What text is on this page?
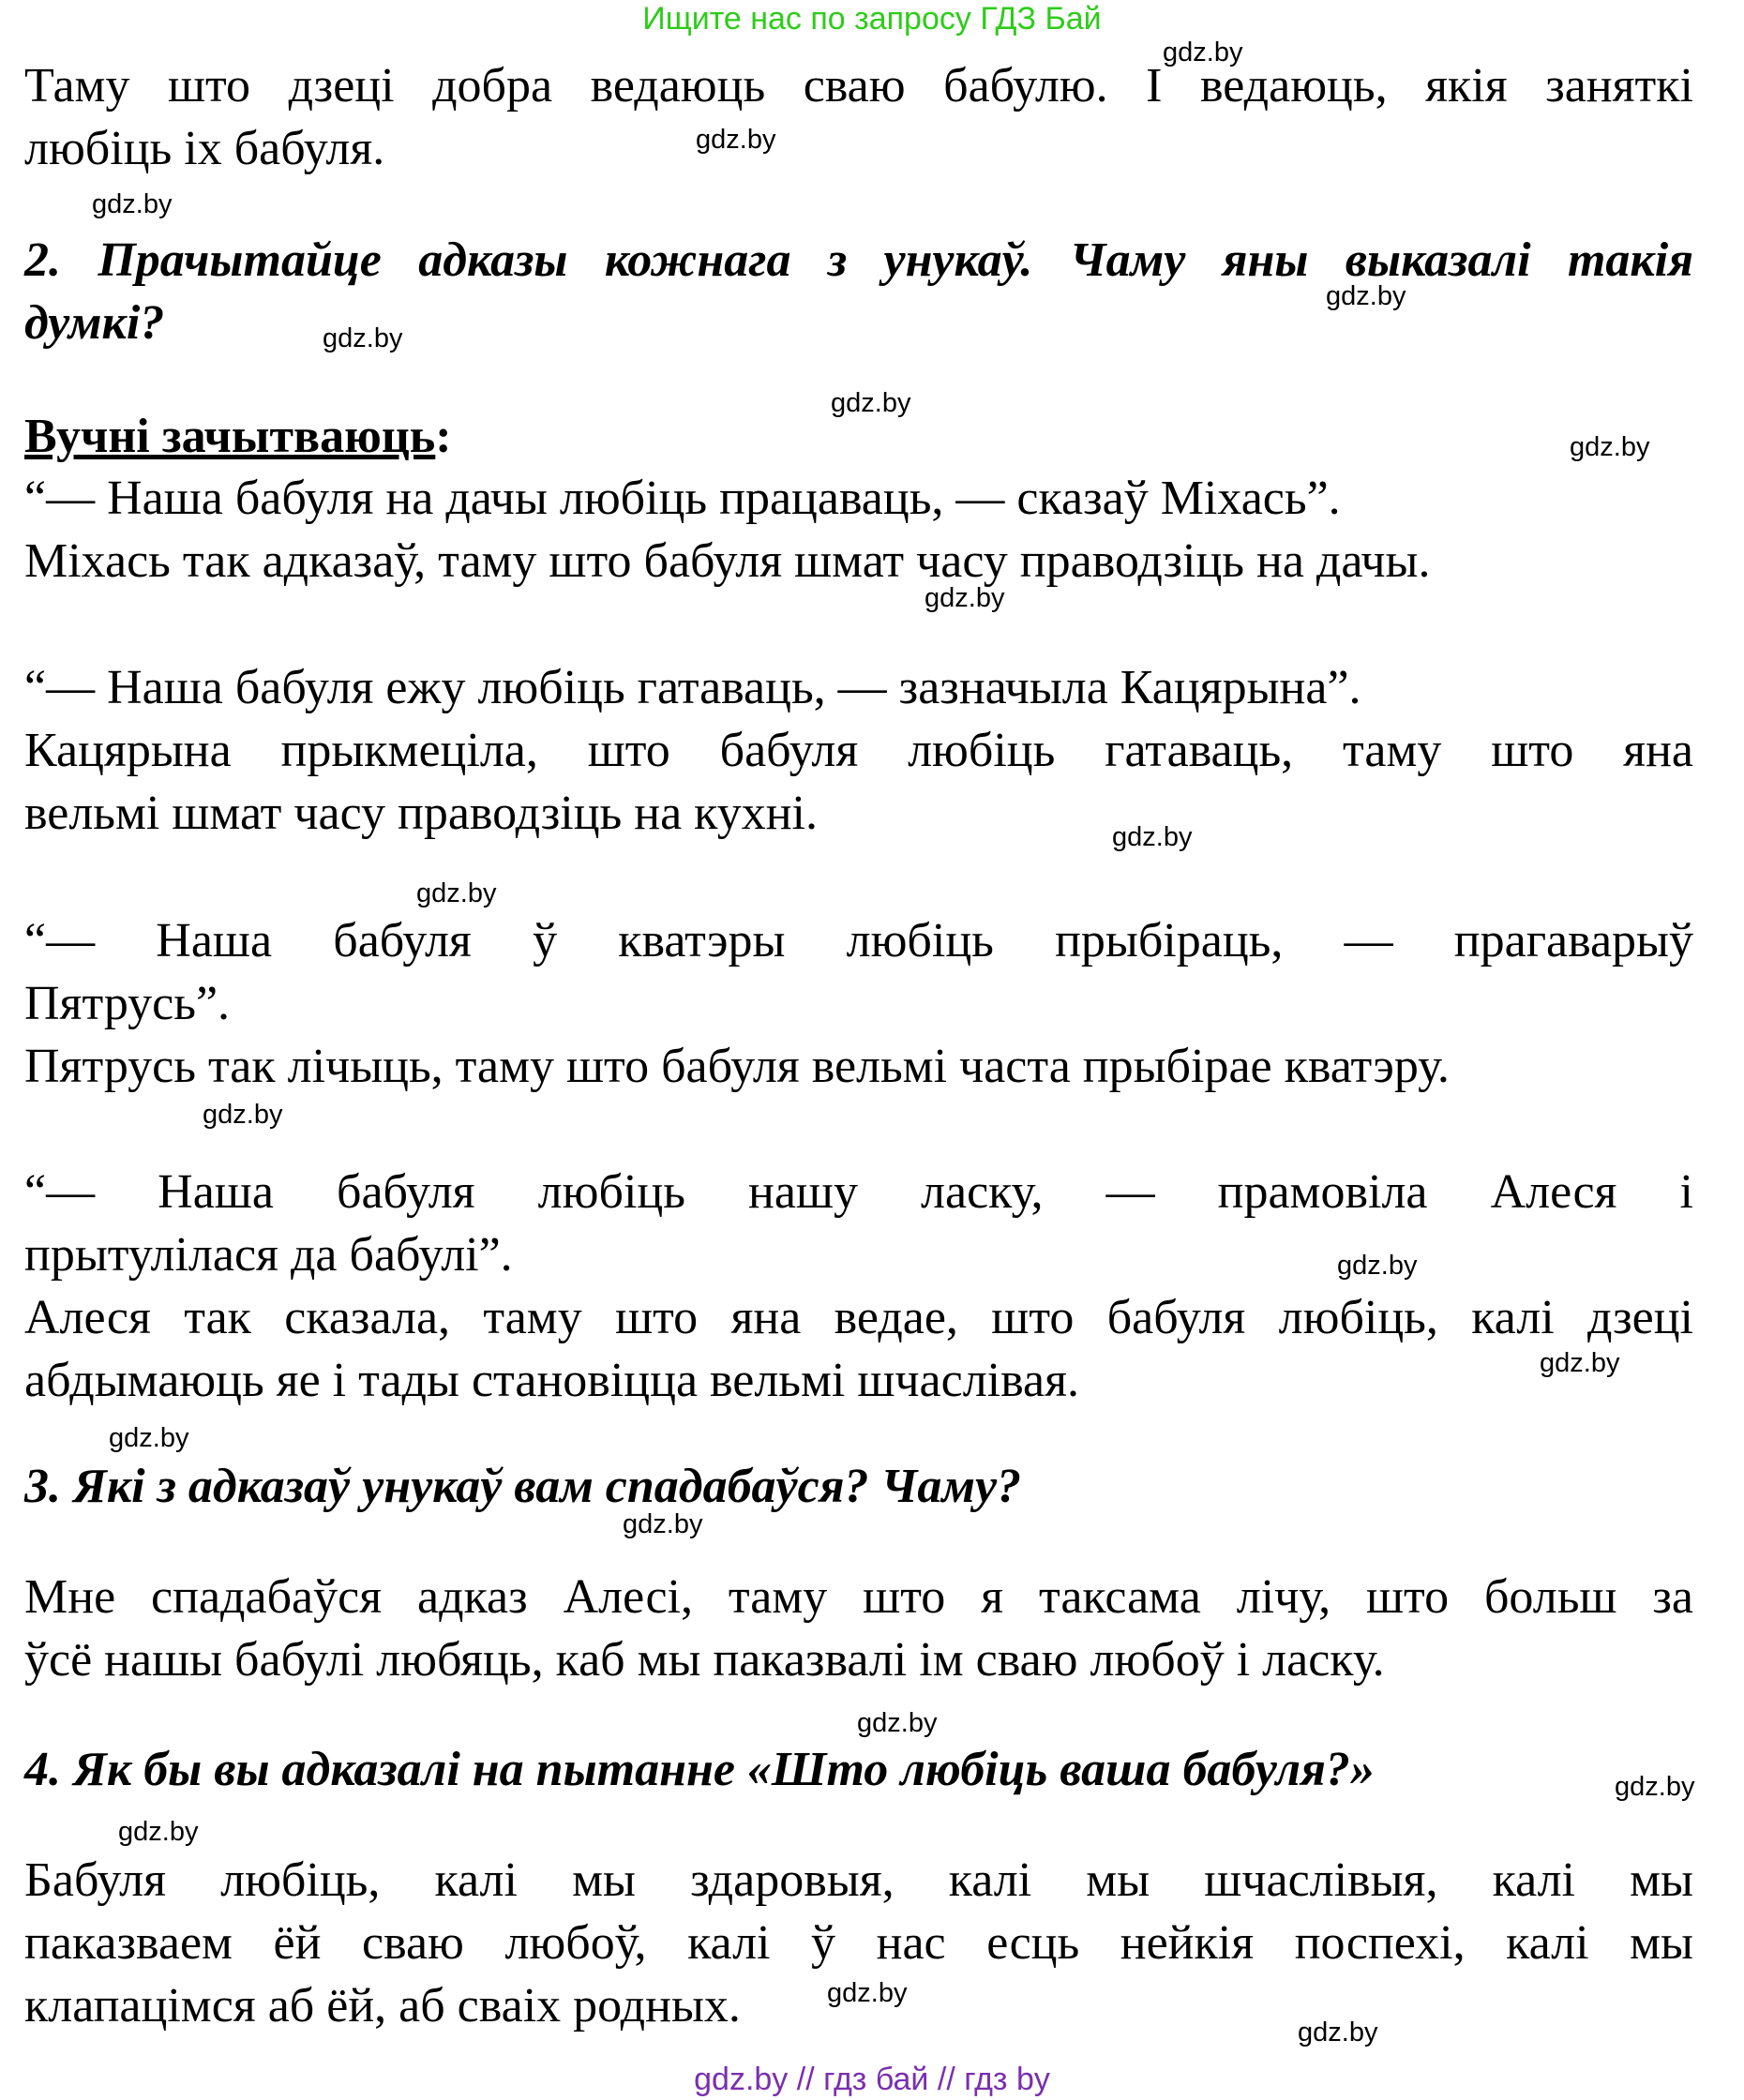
Ищите нас по запросу ГДЗ Бай
Таму што дзеці добра ведаюць сваю бабулю. І ведаюць, якія заняткі
любіць іх бабуля.
2. Прачытайце адказы кожнага з унукаў. Чаму яны выказалі такія
думкі?
Вучні зачытваюць:
“— Наша бабуля на дачы любіць працаваць, — сказаў Міхась”.
Міхась так адказаў, таму што бабуля шмат часу праводзіць на дачы.
“— Наша бабуля ежу любіць гатаваць, — зазначыла Кацярына”.
Кацярына прыкмеціла, што бабуля любіць гатаваць, таму што яна
вельмі шмат часу праводзіць на кухні.
“— Наша бабуля ў кватэры любіць прыбіраць, — прагаварыў
Пятрусь”.
Пятрусь так лічыць, таму што бабуля вельмі часта прыбірае кватэру.
“— Наша бабуля любіць нашу ласку, — прамовіла Алеся і
прытулілася да бабулі”.
Алеся так сказала, таму што яна ведае, што бабуля любіць, калі дзеці
абдымаюць яе і тады становіцца вельмі шчаслівая.
3. Які з адказаў унукаў вам спадабаўся? Чаму?
Мне спадабаўся адказ Алесі, таму што я таксама лічу, што больш за
ўсё нашы бабулі любяць, каб мы паказвалі ім сваю любоў і ласку.
4. Як бы вы адказалі на пытанне «Што любіць ваша бабуля?»
Бабуля любіць, калі мы здаровыя, калі мы шчаслівыя, калі мы
паказваем ёй сваю любоў, калі ў нас есць нейкія поспехі, калі мы
клапацімся аб ёй, аб сваіх родных.
gdz.by
gdz.by
gdz.by
gdz.by
gdz.by
gdz.by
gdz.by
gdz.by
gdz.by
gdz.by
gdz.by
gdz.by
gdz.by
gdz.by
gdz.by
gdz.by
gdz.by
gdz.by
gdz.by
gdz.by
gdz.by // гдз бай // гдз by
